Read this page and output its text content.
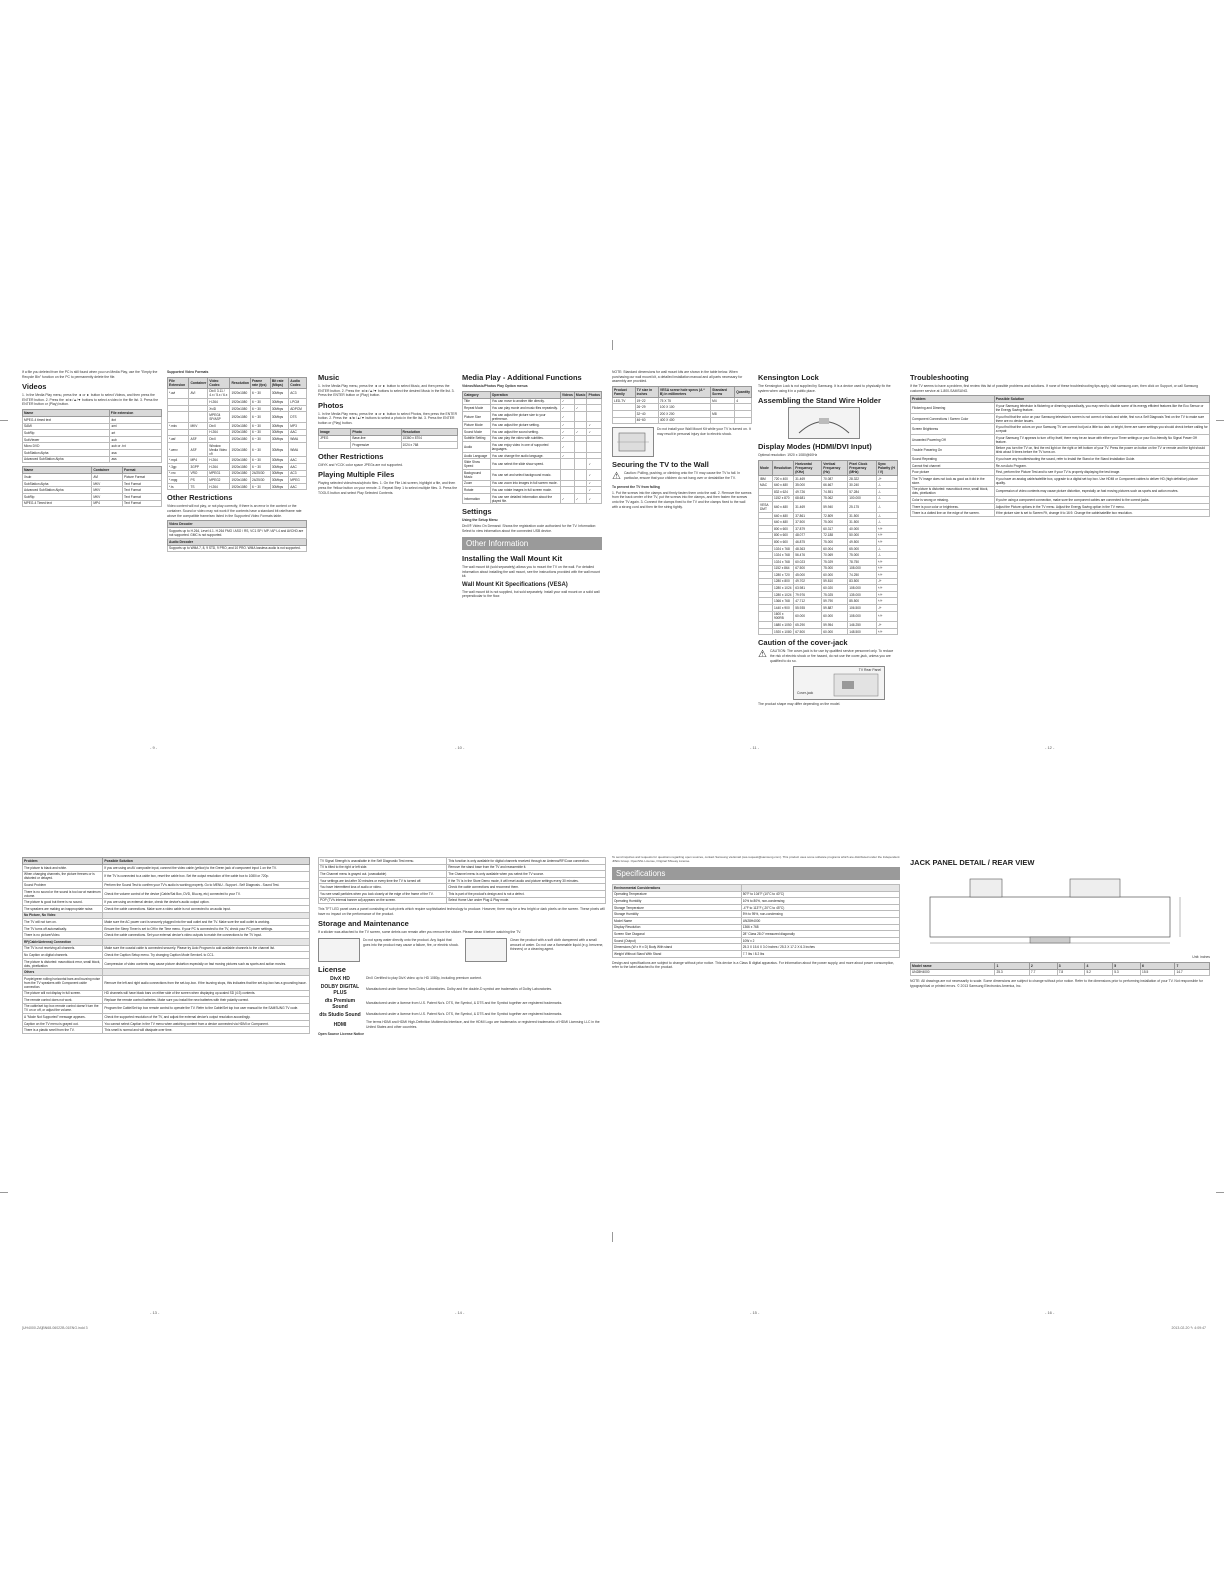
If a file you deleted from the PC is still found when you run Media Play, use the "Empty the Recycle Bin" function on the PC to permanently delete the file.
Videos
1. In the Media Play menu, press the ◄ or ► button to select Videos, and then press the ENTER button. 2. Press the ◄/►/▲/▼ buttons to select a video in the file list. 3. Press the ENTER button or (Play) button.
Name	File extension
MPEG-4 timed text	.ttxt
SAMI	.smi
SubRip	.srt
SubViewer	.sub
Micro DVD	.sub or .txt
SubStation Alpha	.ssa
Advanced SubStation Alpha	.ass
Name	Container	Format
Xsub	AVI	Picture Format
SubStation Alpha	MKV	Text Format
Advanced SubStation Alpha	MKV	Text Format
SubRip	MKV	Text Format
MPEG-4 Timed text	MP4	Text Format
Supported Video Formats
File Extension	Container	Video Codec	Resolution	Frame rate (fps)	Bit rate (Mbps)	Audio Codec
*.avi	AVI	DivX 3.11 / 4.x / 5.x / 6.x	1920x1080	6 ~ 30	30Mbps	AC3
		H.264	1920x1080	6 ~ 30	30Mbps	LPCM
		XviD	1920x1080	6 ~ 30	30Mbps	ADPCM
		MPEG4 SP/ASP	1920x1080	6 ~ 30	30Mbps	DTS
*.mkv	MKV	DivX	1920x1080	6 ~ 30	30Mbps	MP3
		H.264	1920x1080	6 ~ 30	30Mbps	AAC
*.asf	ASF	DivX	1920x1080	6 ~ 30	30Mbps	WMA
*.wmv	ASF	Window Media Video v9	1920x1080	6 ~ 30	30Mbps	WMA
*.mp4	MP4	H.264	1920x1080	6 ~ 30	30Mbps	AAC
*.3gp	3GPP	H.264	1920x1080	6 ~ 30	30Mbps	AAC
*.vro	VRO	MPEG1	1920x1080	24/25/30	30Mbps	AC3
*.mpg	PS	MPEG2	1920x1080	24/25/30	30Mbps	MPEG
*.ts	TS	H.264	1920x1080	6 ~ 30	30Mbps	AAC
Other Restrictions
Video content will not play, or not play correctly, if there is an error in the content or the container. Sound or video may not work if the contents have a standard bit rate/frame rate above the compatible frame/sec listed in the Supported Video Formats table.
Video Decoder
Supports up to H.264, Level 4.1. H.264 FMO / ASO / RS, VC1 SP / MP / AP L4 and AVCHD are not supported. GMC is not supported.
Audio Decoder
Supports up to WMA 7, 8, 9 STD, 9 PRO, and 10 PRO. WMA lossless audio is not supported.
Music
1. In the Media Play menu, press the ◄ or ► button to select Music, and then press the ENTER button. 2. Press the ◄/►/▲/▼ buttons to select the desired Music in the file list. 3. Press the ENTER button or (Play) button.
Photos
1. In the Media Play menu, press the ◄ or ► button to select Photos, then press the ENTER button. 2. Press the ◄/►/▲/▼ buttons to select a photo in the file list. 3. Press the ENTER button or (Play) button.
Image	Photo	Resolution
JPEG	Base-line	15360 x 8704
	Progressive	1024 x 768
Other Restrictions
CMYK and YCCK color space JPEGs are not supported.
Playing Multiple Files
Playing selected video/music/photo files. 1. On the File List screen, highlight a file, and then press the Yellow button on your remote. 2. Repeat Step 1 to select multiple files. 3. Press the TOOLS button and select Play Selected Contents.
Media Play - Additional Functions
Videos/Music/Photos Play Option menus
Category	Operation	Videos	Music	Photos
Title	You can move to another title directly.	✓		
Repeat Mode	You can play movie and music files repeatedly.	✓	✓	
Picture Size	You can adjust the picture size to your preference.	✓		
Picture Mode	You can adjust the picture setting.	✓		✓
Sound Mode	You can adjust the sound setting.	✓	✓	✓
Subtitle Setting	You can play the video with subtitles.	✓		
Audio	You can enjoy video in one of supported languages.	✓		
Audio Language	You can change the audio language.	✓		
Slide Show Speed	You can select the slide show speed.			✓
Background Music	You can set and select background music.			✓
Zoom	You can zoom into images in full screen mode.			✓
Rotate	You can rotate images in full screen mode.			✓
Information	You can see detailed information about the played file.	✓	✓	✓
Settings
Using the Setup Menu
DivX® Video On Demand: Shows the registration code authorized for the TV. Information: Select to view information about the connected USB device.
Other Information
Installing the Wall Mount Kit
The wall mount kit (sold separately) allows you to mount the TV on the wall. For detailed information about installing the wall mount, see the instructions provided with the wall mount kit.
Wall Mount Kit Specifications (VESA)
The wall mount kit is not supplied, but sold separately. Install your wall mount on a solid wall perpendicular to the floor.
NOTE: Standard dimensions for wall mount kits are shown in the table below. When purchasing our wall mount kit, a detailed installation manual and all parts necessary for assembly are provided.
Product Family	TV size in inches	VESA screw hole specs (A * B) in millimeters	Standard Screw	Quantity
LED-TV	19~22	75 X 75	M4	4
	26~29	100 X 100		
	32~40	200 X 200	M8	
	46~60	400 X 400		
Do not install your Wall Mount Kit while your TV is turned on. It may result in personal injury due to electric shock.
Securing the TV to the Wall
⚠ Caution: Pulling, pushing, or climbing onto the TV may cause the TV to fall. In particular, ensure that your children do not hang over or destabilize the TV.
To prevent the TV from falling
1. Put the screws into the clamps and firmly fasten them onto the wall. 2. Remove the screws from the back center of the TV, put the screws into the clamps, and then fasten the screws onto the TV again. 3. Connect the clamps fixed to the TV and the clamps fixed to the wall with a strong cord and then tie the string tightly.
Kensington Lock
The Kensington Lock is not supplied by Samsung. It is a device used to physically fix the system when using it in a public place.
Assembling the Stand Wire Holder
Display Modes (HDMI/DVI Input)
Optimal resolution: 1920 x 1080@60Hz
Mode	Resolution	Horizontal Frequency (KHz)	Vertical Frequency (Hz)	Pixel Clock Frequency (MHz)	Sync Polarity (H / V)
IBM	720 x 400	31.469	70.087	28.322	-/+
MAC	640 x 480	35.000	66.667	30.240	-/-
	832 x 624	49.726	74.551	57.284	-/-
	1152 x 870	68.681	75.062	100.000	-/-
VESA DMT	640 x 480	31.469	59.940	25.175	-/-
	640 x 480	37.861	72.809	31.500	-/-
	640 x 480	37.500	75.000	31.500	-/-
	800 x 600	37.879	60.317	40.000	+/+
	800 x 600	48.077	72.188	50.000	+/+
	800 x 600	46.875	75.000	49.500	+/+
	1024 x 768	48.363	60.004	65.000	-/-
	1024 x 768	56.476	70.069	75.000	-/-
	1024 x 768	60.023	75.029	78.750	+/+
	1152 x 864	67.500	75.000	108.000	+/+
	1280 x 720	45.000	60.000	74.250	+/+
	1280 x 800	49.702	59.810	83.500	-/+
	1280 x 1024	63.981	60.020	108.000	+/+
	1280 x 1024	79.976	75.025	135.000	+/+
	1366 x 768	47.712	59.790	85.500	+/+
	1440 x 900	55.935	59.887	106.500	-/+
	1600 x 900RB	60.000	60.000	108.000	+/+
	1680 x 1050	65.290	59.954	146.250	-/+
	1920 x 1080	67.500	60.000	148.500	+/+
Caution of the cover-jack
⚠ CAUTION: The cover-jack is for use by qualified service personnel only. To reduce the risk of electric shock or fire hazard, do not use the cover-jack, unless you are qualified to do so.
TV Rear Panel
Cover-jack
The product shape may differ depending on the model.
Troubleshooting
If the TV seems to have a problem, first review this list of possible problems and solutions. If none of these troubleshooting tips apply, visit samsung.com, then click on Support, or call Samsung customer service at 1-800-SAMSUNG.
Problem	Possible Solution
Flickering and Dimming	If your Samsung television is flickering or dimming sporadically, you may need to disable some of its energy efficient features like the Eco Sensor or the Energy Saving feature.
Component Connections / Screen Color	If you find that the color on your Samsung television's screen is not correct or black and white, first run a Self Diagnosis Test on the TV to make sure there are no device issues.
Screen Brightness	If you find that the colors on your Samsung TV are correct but just a little too dark or bright, there are some settings you should check before calling for a repair.
Unwanted Powering Off	If your Samsung TV appears to turn off by itself, there may be an issue with either your Timer settings or your Eco-friendly No Signal Power Off feature.
Trouble Powering On	Before you turn the TV on, find the red light on the right or left bottom of your TV. Press the power on button on the TV or remote and the light should blink about 5 times before the TV turns on.
Sound Repeating	If you have any troubleshooting the sound, refer to Install the Stand or the Stand Installation Guide.
Cannot find channel	Re-run Auto Program.
Poor picture	First, perform the Picture Test and to see if your TV is properly displaying the test image.
The TV image does not look as good as it did in the store.	If you have an analog cable/satellite box, upgrade to a digital set top box. Use HDMI or Component cables to deliver HD (high definition) picture quality.
The picture is distorted: macroblock error, small block, dots, pixelization	Compression of video contents may cause picture distortion, especially on fast moving pictures such as sports and action movies.
Color is wrong or missing.	If you're using a component connection, make sure the component cables are connected to the correct jacks.
There is poor color or brightness.	Adjust the Picture options in the TV menu. Adjust the Energy Saving option in the TV menu.
There is a dotted line on the edge of the screen.	If the picture size is set to Screen Fit, change it to 16:9. Change the cable/satellite box resolution.
- 9 -	- 10 -	- 11 -	- 12 -
Problem	Possible Solution
The picture is black and white.	If you are using an AV composite input, connect the video cable (yellow) to the Green jack of component input 1 on the TV.
When changing channels, the picture freezes or is distorted or delayed.	If the TV is connected to a cable box, reset the cable box. Set the output resolution of the cable box to 1080i or 720p.
Sound Problem	Perform the Sound Test to confirm your TV's audio is working properly. Go to MENU - Support - Self Diagnosis - Sound Test.
There is no sound or the sound is too low at maximum volume.	Check the volume control of the device (Cable/Sat Box, DVD, Blu-ray, etc) connected to your TV.
The picture is good but there is no sound.	If you are using an external device, check the device's audio output option.
The speakers are making an inappropriate noise.	Check the cable connections. Make sure a video cable is not connected to an audio input.
No Picture, No Video	
The TV will not turn on.	Make sure the AC power cord is securely plugged into the wall outlet and the TV. Make sure the wall outlet is working.
The TV turns off automatically.	Ensure the Sleep Timer is set to Off in the Time menu. If your PC is connected to the TV, check your PC power settings.
There is no picture/Video.	Check the cable connections. Set your external device's video outputs to match the connections to the TV input.
RF(Cable/Antenna) Connection	
The TV is not receiving all channels.	Make sure the coaxial cable is connected securely. Please try Auto Program to add available channels to the channel list.
No Caption on digital channels.	Check the Caption Setup menu. Try changing Caption Mode Service1 to CC1.
The picture is distorted: macroblock error, small block, dots, pixelization	Compression of video contents may cause picture distortion especially on fast moving pictures such as sports and action movies.
Others	
Purple/green rolling horizontal bars and buzzing noise from the TV speakers with Component cable connection.	Remove the left and right audio connections from the set-top-box. If the buzzing stops, this indicates that the set-top-box has a grounding issue.
The picture will not display in full screen.	HD channels will have black bars on either side of the screen when displaying up-scaled SD (4:3) contents.
The remote control does not work.	Replace the remote control batteries. Make sure you install the new batteries with their polarity correct.
The cable/set top box remote control doesn't turn the TV on or off, or adjust the volume.	Program the Cable/Set top box remote control to operate the TV. Refer to the Cable/Set top box user manual for the SAMSUNG TV code.
A "Mode Not Supported" message appears.	Check the supported resolution of the TV, and adjust the external device's output resolution accordingly.
Caption on the TV menu is grayed out.	You cannot select Caption in the TV menu when watching content from a device connected via HDMI or Component.
There is a plastic smell from the TV.	This smell is normal and will dissipate over time.
TV Signal Strength is unavailable in the Self Diagnostic Test menu.	This function is only available for digital channels received through an Antenna/RF/Coax connection.
TV is tilted to the right or left side.	Remove the stand base from the TV and reassemble it.
The Channel menu is grayed out. (unavailable)	The Channel menu is only available when you select the TV source.
Your settings are lost after 30 minutes or every time the TV is turned off.	If the TV is in the Store Demo mode, it will reset audio and picture settings every 30 minutes.
You have intermittent loss of audio or video.	Check the cable connections and reconnect them.
You see small particles when you look closely at the edge of the frame of the TV.	This is part of the product's design and is not a defect.
POP (TV's internal banner ad) appears on the screen.	Select Home Use under Plug & Play mode.
This TFT LED panel uses a panel consisting of sub pixels which require sophisticated technology to produce. However, there may be a few bright or dark pixels on the screen. These pixels will have no impact on the performance of the product.
Storage and Maintenance
If a sticker was attached to the TV screen, some debris can remain after you remove the sticker. Please clean it before watching the TV.
Do not spray water directly onto the product. Any liquid that goes into the product may cause a failure, fire, or electric shock.
Clean the product with a soft cloth dampened with a small amount of water. Do not use a flammable liquid (e.g. benzene, thinners) or a cleaning agent.
License
DivX HD	DivX Certified to play DivX video up to HD 1080p, including premium content.
DOLBY DIGITAL PLUS
Manufactured under license from Dolby Laboratories. Dolby and the double-D symbol are trademarks of Dolby Laboratories.
dts Premium Sound
Manufactured under a license from U.S. Patent No's. DTS, the Symbol, & DTS and the Symbol together are registered trademarks.
dts Studio Sound	Manufactured under a license from U.S. Patent No's. DTS, the Symbol, & DTS and the Symbol together are registered trademarks.
HDMI
The terms HDMI and HDMI High-Definition Multimedia Interface, and the HDMI Logo are trademarks or registered trademarks of HDMI Licensing LLC in the United States and other countries.
Open Source License Notice
To send inquiries and requests for questions regarding open sources, contact Samsung via Email (oss.request@samsung.com). This product uses some software programs which are distributed under the Independent JPEG Group. OpenSSL License, Original SSLeay License.
Specifications
Environmental Considerations	
Operating Temperature	50°F to 104°F (10°C to 40°C)
Operating Humidity	10% to 80%, non-condensing
Storage Temperature	-4°F to 113°F (-20°C to 45°C)
Storage Humidity	5% to 95%, non-condensing
Model Name	UN28H4000
Display Resolution	1366 x 768
Screen Size Diagonal	28" Class 28.0" measured diagonally
Sound (Output)	10W x 2
Dimensions (W x H x D) Body With stand	25.3 X 15.6 X 3.0 inches / 25.3 X 17.2 X 6.3 inches
Weight Without Stand With Stand	7.7 lbs / 8.2 lbs
Design and specifications are subject to change without prior notice. This device is a Class B digital apparatus. For information about the power supply, and more about power consumption, refer to the label attached to the product.
JACK PANEL DETAIL / REAR VIEW
Unit: inches
Model name	1	2	3	4	5	6	7
UN28H4000	25.3	7.7	7.8	5.2	5.3	15.5	14.7
NOTE: All drawings are not necessarily to scale. Some dimensions are subject to change without prior notice. Refer to the dimensions prior to performing installation of your TV. Not responsible for typographical or printed errors. © 2013 Samsung Electronics America, Inc.
- 13 -	- 14 -	- 15 -	- 16 -
[UH4000-ZA]BN68-06022B-01ENG.indd 3	2013-02-20 ✎ 4:09:47
